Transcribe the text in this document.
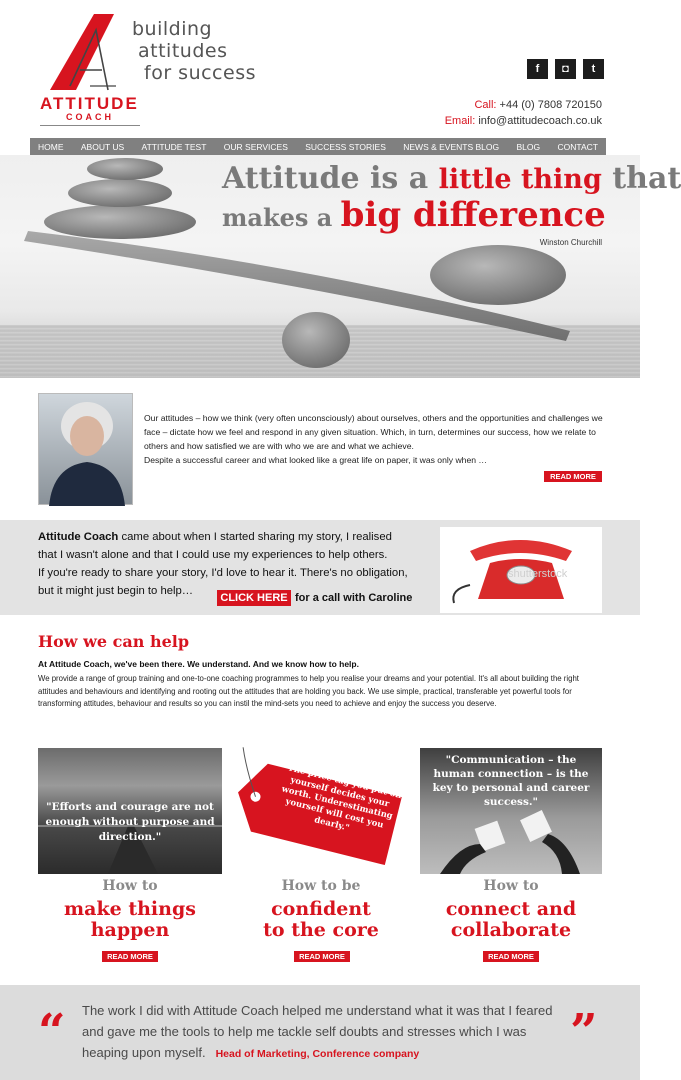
ATTITUDE
COACH
building
attitudes
for success	f	◘	t
Call: +44 (0) 7808 720150
Email: info@attitudecoach.co.uk
HOME ABOUT US ATTITUDE TEST OUR SERVICES SUCCESS STORIES NEWS & EVENTS BLOG BLOG CONTACT
Attitude is a little thing that
makes a big difference
Winston Churchill
Our attitudes – how we think (very often unconsciously) about ourselves, others and the opportunities and challenges we face – dictate how we feel and respond in any given situation. Which, in turn, determines our success, how we relate to others and how satisfied we are with who we are and what we achieve.
Despite a successful career and what looked like a great life on paper, it was only when …
READ MORE
Attitude Coach came about when I started sharing my story, I realised
that I wasn't alone and that I could use my experiences to help others.
If you're ready to share your story, I'd love to hear it. There's no obligation,
but it might just begin to help…
CLICK HERE for a call with Caroline
shutterstock
How we can help
At Attitude Coach, we've been there. We understand. And we know how to help.
We provide a range of group training and one-to-one coaching programmes to help you realise your dreams and your potential. It's all about building the right attitudes and behaviours and identifying and rooting out the attitudes that are holding you back. We use simple, practical, transferable yet powerful tools for transforming attitudes, behaviour and results so you can instil the mind-sets you need to achieve and enjoy the success you deserve.
"Efforts and courage are not enough without purpose and direction."
How to
make things
happen
READ MORE
"The price tag you put on yourself decides your worth. Underestimating yourself will cost you dearly."
How to be
confident
to the core
READ MORE
"Communication – the human connection – is the key to personal and career success."
How to
connect and
collaborate
READ MORE
“ The work I did with Attitude Coach helped me understand what it was that I feared and gave me the tools to help me tackle self doubts and stresses which I was heaping upon myself. Head of Marketing, Conference company	”
